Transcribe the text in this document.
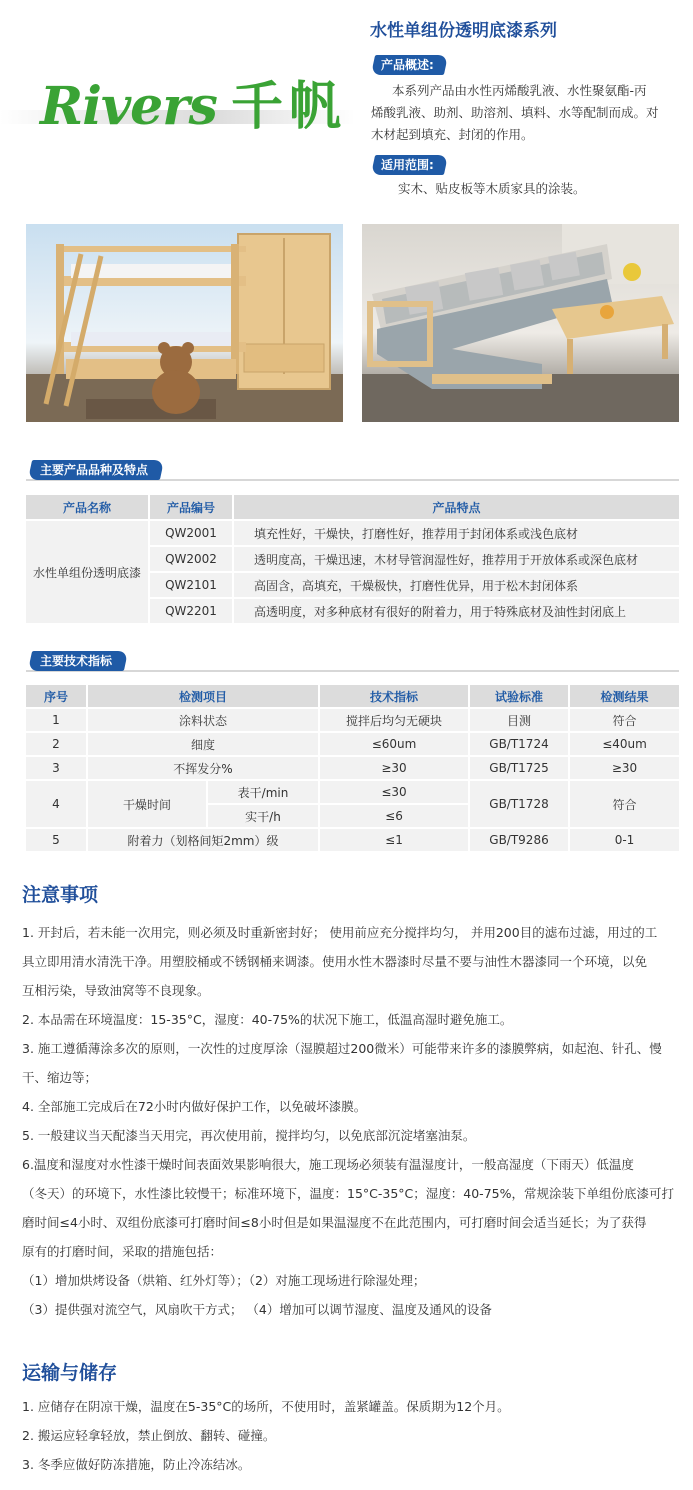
Rivers 千帆
水性单组份透明底漆系列
产品概述:
本系列产品由水性丙烯酸乳液、水性聚氨酯-丙
烯酸乳液、助剂、助溶剂、填料、水等配制而成。对
木材起到填充、封闭的作用。
适用范围:
实木、贴皮板等木质家具的涂装。
主要产品品种及特点
产品名称	产品编号	产品特点
水性单组份透明底漆	QW2001	填充性好，干燥快，打磨性好，推荐用于封闭体系或浅色底材
	QW2002	透明度高，干燥迅速，木材导管润湿性好，推荐用于开放体系或深色底材
	QW2101	高固含，高填充，干燥极快，打磨性优异，用于松木封闭体系
	QW2201	高透明度，对多种底材有很好的附着力，用于特殊底材及油性封闭底上
主要技术指标
序号	检测项目		技术指标	试验标准	检测结果
1	涂料状态		搅拌后均匀无硬块	目测	符合
2	细度		≤60um	GB/T1724	≤40um
3	不挥发分%		≥30	GB/T1725	≥30
4	干燥时间	表干/min	≤30	GB/T1728	符合
		实干/h	≤6		
5	附着力（划格间矩2mm）级		≤1	GB/T9286	0-1
注意事项

1. 开封后，若未能一次用完，则必须及时重新密封好； 使用前应充分搅拌均匀， 并用200目的滤布过滤，用过的工

具立即用清水清洗干净。用塑胶桶或不锈钢桶来调漆。使用水性木器漆时尽量不要与油性木器漆同一个环境，以免

互相污染，导致油窝等不良现象。

2. 本品需在环境温度：15-35°C，湿度：40-75%的状况下施工，低温高湿时避免施工。

3. 施工遵循薄涂多次的原则，一次性的过度厚涂（湿膜超过200微米）可能带来许多的漆膜弊病，如起泡、针孔、慢

干、缩边等；

4. 全部施工完成后在72小时内做好保护工作，以免破坏漆膜。

5. 一般建议当天配漆当天用完，再次使用前，搅拌均匀，以免底部沉淀堵塞油泵。

6.温度和湿度对水性漆干燥时间表面效果影响很大，施工现场必须装有温湿度计，一般高湿度（下雨天）低温度

（冬天）的环境下，水性漆比较慢干；标准环境下，温度：15°C-35°C；湿度：40-75%，常规涂装下单组份底漆可打

磨时间≤4小时、双组份底漆可打磨时间≤8小时但是如果温湿度不在此范围内，可打磨时间会适当延长；为了获得

原有的打磨时间，采取的措施包括：

（1）增加烘烤设备（烘箱、红外灯等）；（2）对施工现场进行除湿处理；

（3）提供强对流空气，风扇吹干方式； （4）增加可以调节湿度、温度及通风的设备

运输与储存

1. 应储存在阴凉干燥，温度在5-35°C的场所，不使用时，盖紧罐盖。保质期为12个月。

2. 搬运应轻拿轻放，禁止倒放、翻转、碰撞。

3. 冬季应做好防冻措施，防止冷冻结冰。
